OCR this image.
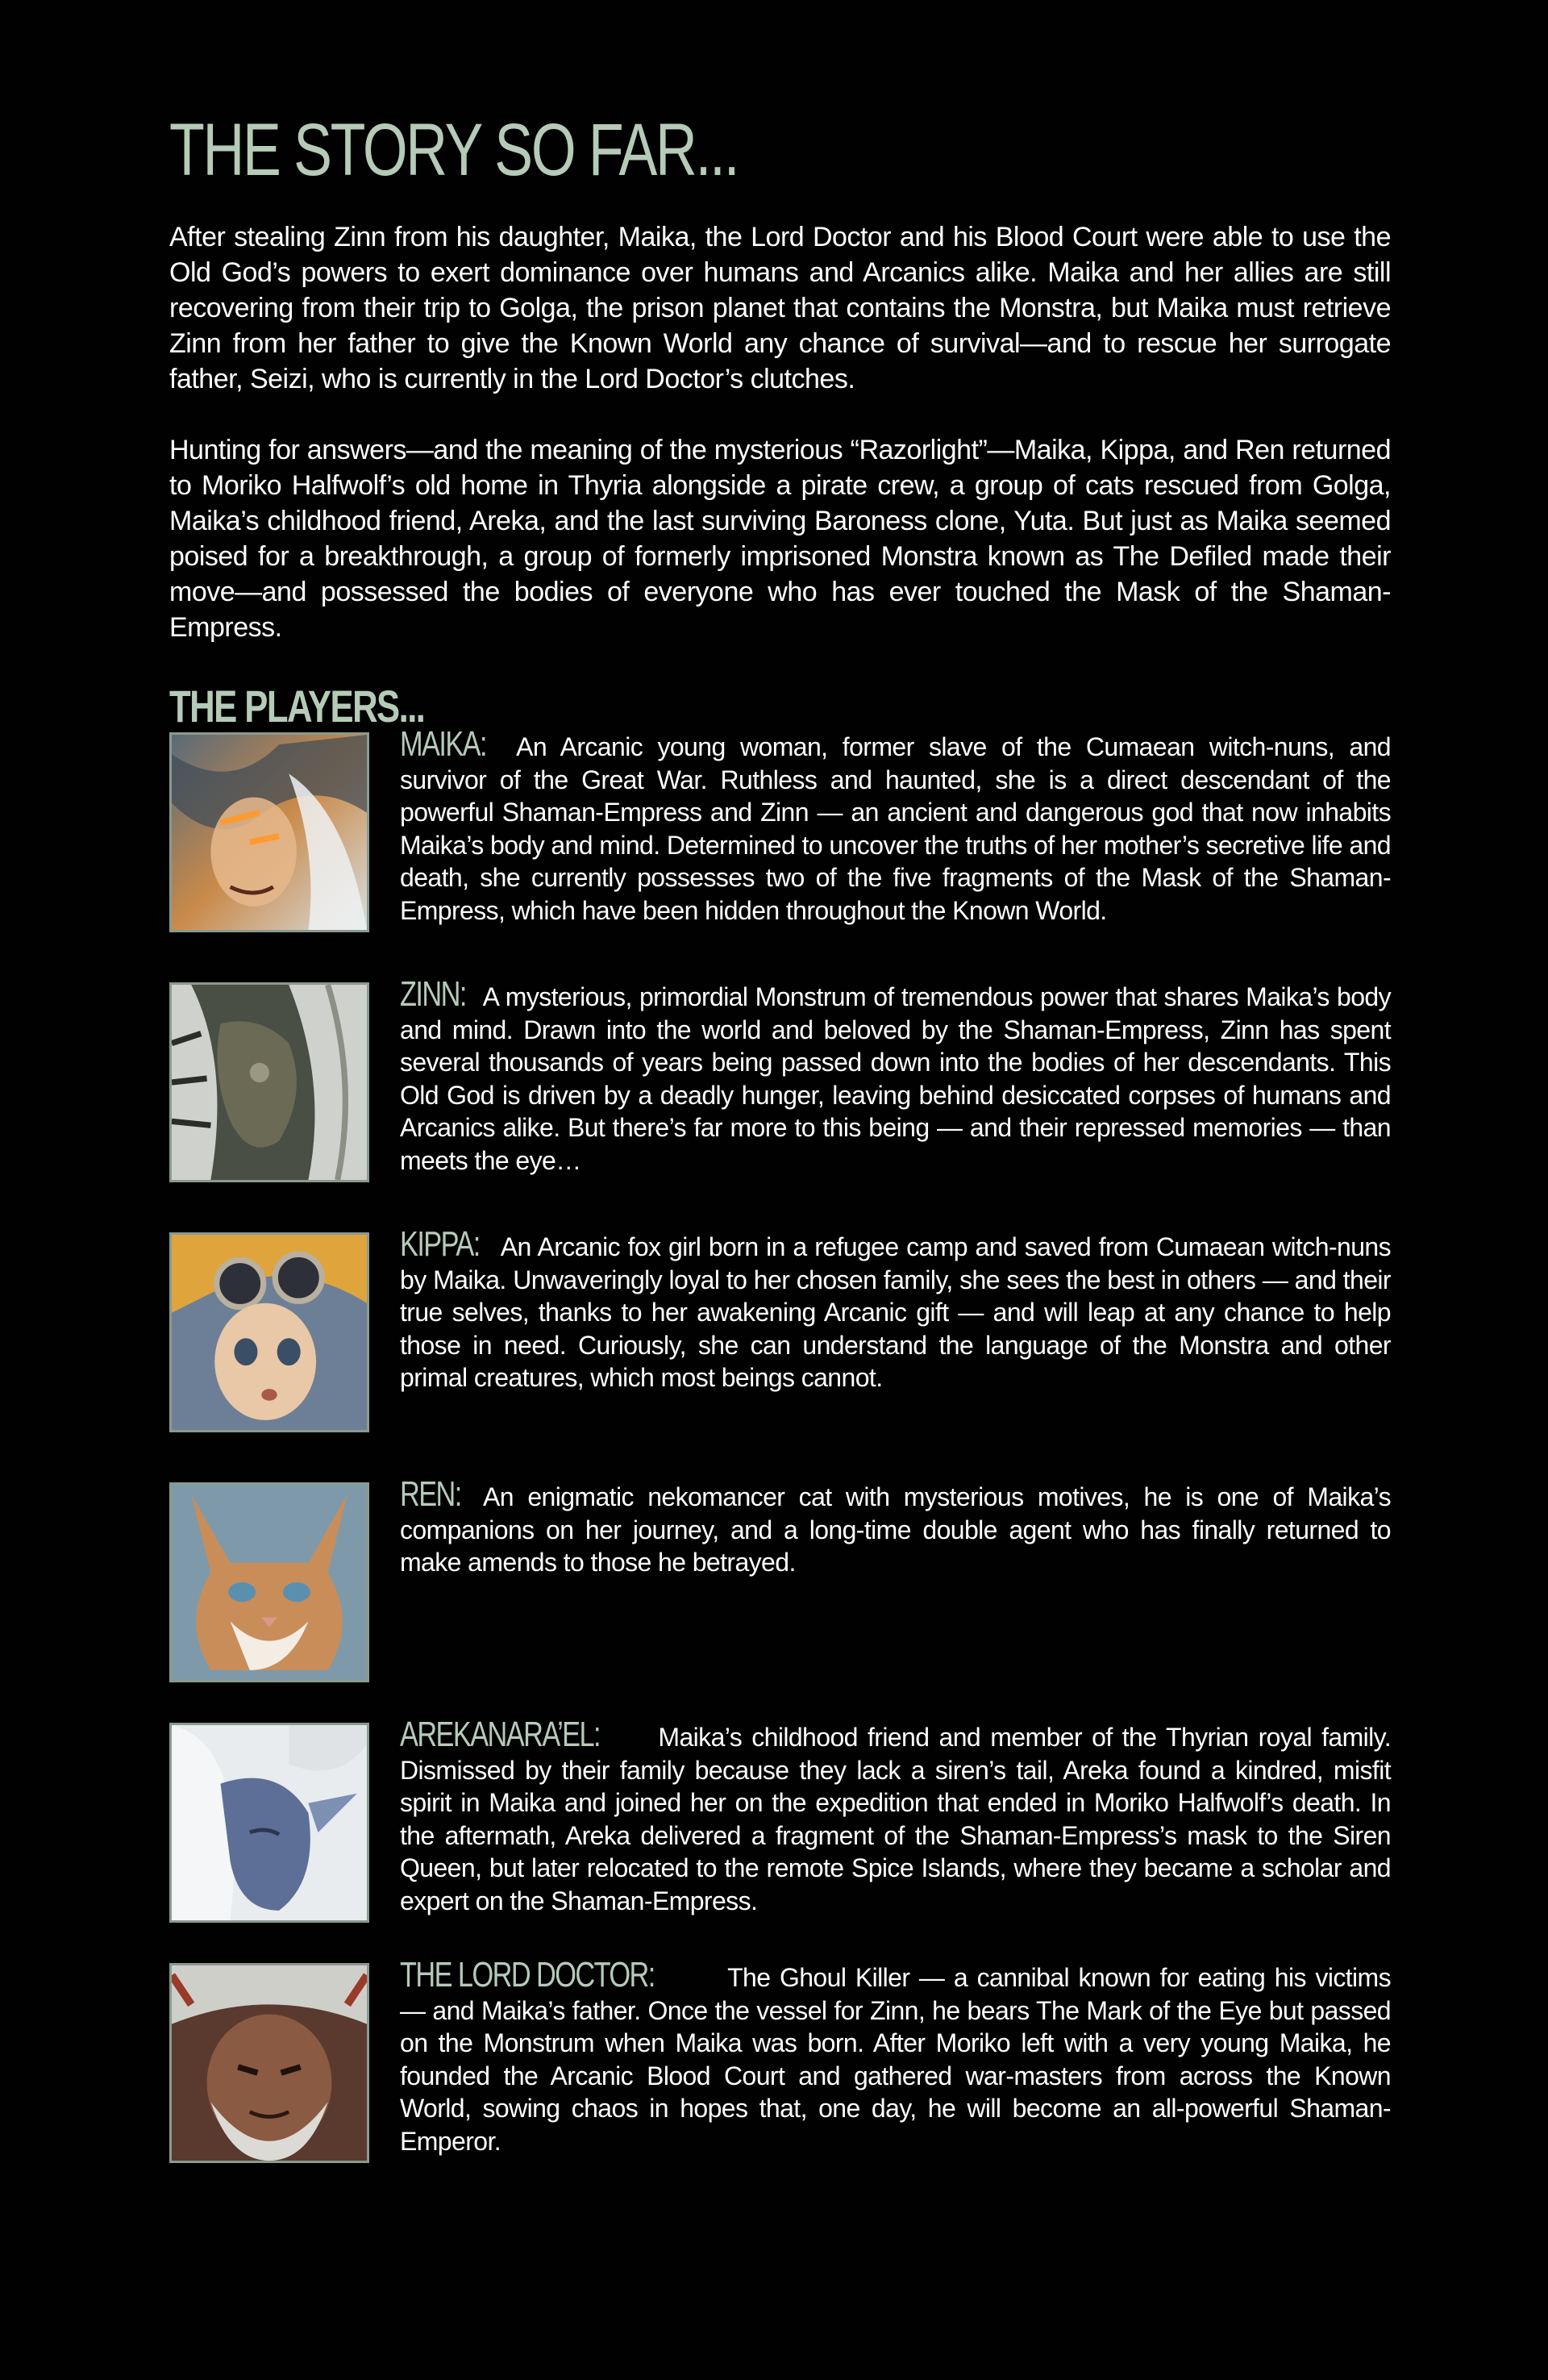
THE STORY SO FAR...

After stealing Zinn from his daughter, Maika, the Lord Doctor and his Blood Court were able to use the Old God’s powers to exert dominance over humans and Arcanics alike. Maika and her allies are still recovering from their trip to Golga, the prison planet that contains the Monstra, but Maika must retrieve Zinn from her father to give the Known World any chance of survival—and to rescue her surrogate father, Seizi, who is currently in the Lord Doctor’s clutches.

Hunting for answers—and the meaning of the mysterious “Razorlight”—Maika, Kippa, and Ren returned to Moriko Halfwolf’s old home in Thyria alongside a pirate crew, a group of cats rescued from Golga, Maika’s childhood friend, Areka, and the last surviving Baroness clone, Yuta. But just as Maika seemed poised for a breakthrough, a group of formerly imprisoned Monstra known as The Defiled made their move—and possessed the bodies of everyone who has ever touched the Mask of the Shaman-Empress.

THE PLAYERS...
MAIKA: An Arcanic young woman, former slave of the Cumaean witch-nuns, and survivor of the Great War. Ruthless and haunted, she is a direct descendant of the powerful Shaman-Empress and Zinn — an ancient and dangerous god that now inhabits Maika’s body and mind. Determined to uncover the truths of her mother’s secretive life and death, she currently possesses two of the five fragments of the Mask of the Shaman-Empress, which have been hidden throughout the Known World.
ZINN: A mysterious, primordial Monstrum of tremendous power that shares Maika’s body and mind. Drawn into the world and beloved by the Shaman-Empress, Zinn has spent several thousands of years being passed down into the bodies of her descendants. This Old God is driven by a deadly hunger, leaving behind desiccated corpses of humans and Arcanics alike. But there’s far more to this being — and their repressed memories — than meets the eye…
KIPPA: An Arcanic fox girl born in a refugee camp and saved from Cumaean witch-nuns by Maika. Unwaveringly loyal to her chosen family, she sees the best in others — and their true selves, thanks to her awakening Arcanic gift — and will leap at any chance to help those in need. Curiously, she can understand the language of the Monstra and other primal creatures, which most beings cannot.
REN: An enigmatic nekomancer cat with mysterious motives, he is one of Maika’s companions on her journey, and a long-time double agent who has finally returned to make amends to those he betrayed.
AREKANARA’EL: Maika’s childhood friend and member of the Thyrian royal family. Dismissed by their family because they lack a siren’s tail, Areka found a kindred, misfit spirit in Maika and joined her on the expedition that ended in Moriko Halfwolf’s death. In the aftermath, Areka delivered a fragment of the Shaman-Empress’s mask to the Siren Queen, but later relocated to the remote Spice Islands, where they became a scholar and expert on the Shaman-Empress.
THE LORD DOCTOR: The Ghoul Killer — a cannibal known for eating his victims — and Maika’s father. Once the vessel for Zinn, he bears The Mark of the Eye but passed on the Monstrum when Maika was born. After Moriko left with a very young Maika, he founded the Arcanic Blood Court and gathered war-masters from across the Known World, sowing chaos in hopes that, one day, he will become an all-powerful Shaman-Emperor.
